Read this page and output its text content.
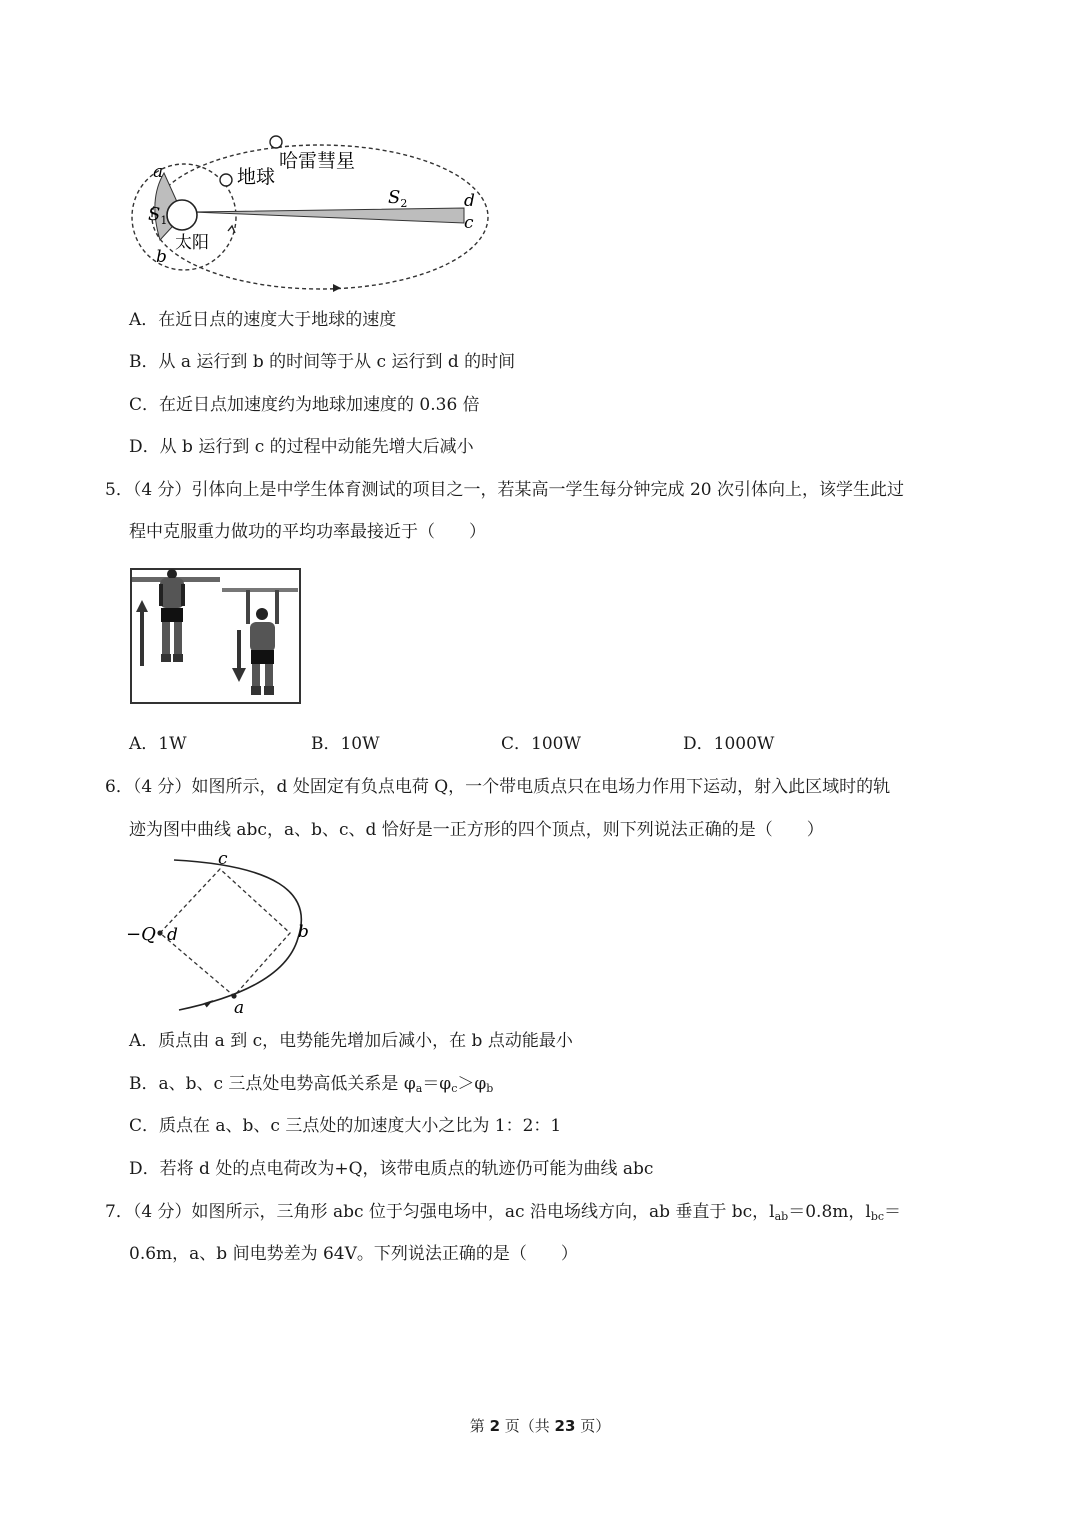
哈雷彗星
地球
太阳
a
b
d
c
$S_1$
$S_2$
A．在近日点的速度大于地球的速度
B．从 a 运行到 b 的时间等于从 c 运行到 d 的时间
C．在近日点加速度约为地球加速度的 0.36 倍
D．从 b 运行到 c 的过程中动能先增大后减小
5．（4 分）引体向上是中学生体育测试的项目之一，若某高一学生每分钟完成 20 次引体向上，该学生此过
程中克服重力做功的平均功率最接近于（　　）
A．1W	B．10W	C．100W	D．1000W
6．（4 分）如图所示，d 处固定有负点电荷 Q，一个带电质点只在电场力作用下运动，射入此区域时的轨
迹为图中曲线 abc，a、b、c、d 恰好是一正方形的四个顶点，则下列说法正确的是（　　）
−Q d
c
b
a
A．质点由 a 到 c，电势能先增加后减小，在 b 点动能最小
B．a、b、c 三点处电势高低关系是 $\varphi_a=\varphi_c>\varphi_b$
C．质点在 a、b、c 三点处的加速度大小之比为 1：2：1
D．若将 d 处的点电荷改为+Q，该带电质点的轨迹仍可能为曲线 abc
7．（4 分）如图所示，三角形 abc 位于匀强电场中，ac 沿电场线方向，ab 垂直于 bc，$l_{ab}=0.8m$，$l_{bc}=$
0.6m，a、b 间电势差为 64V。下列说法正确的是（　　）
第 2 页（共 23 页）
